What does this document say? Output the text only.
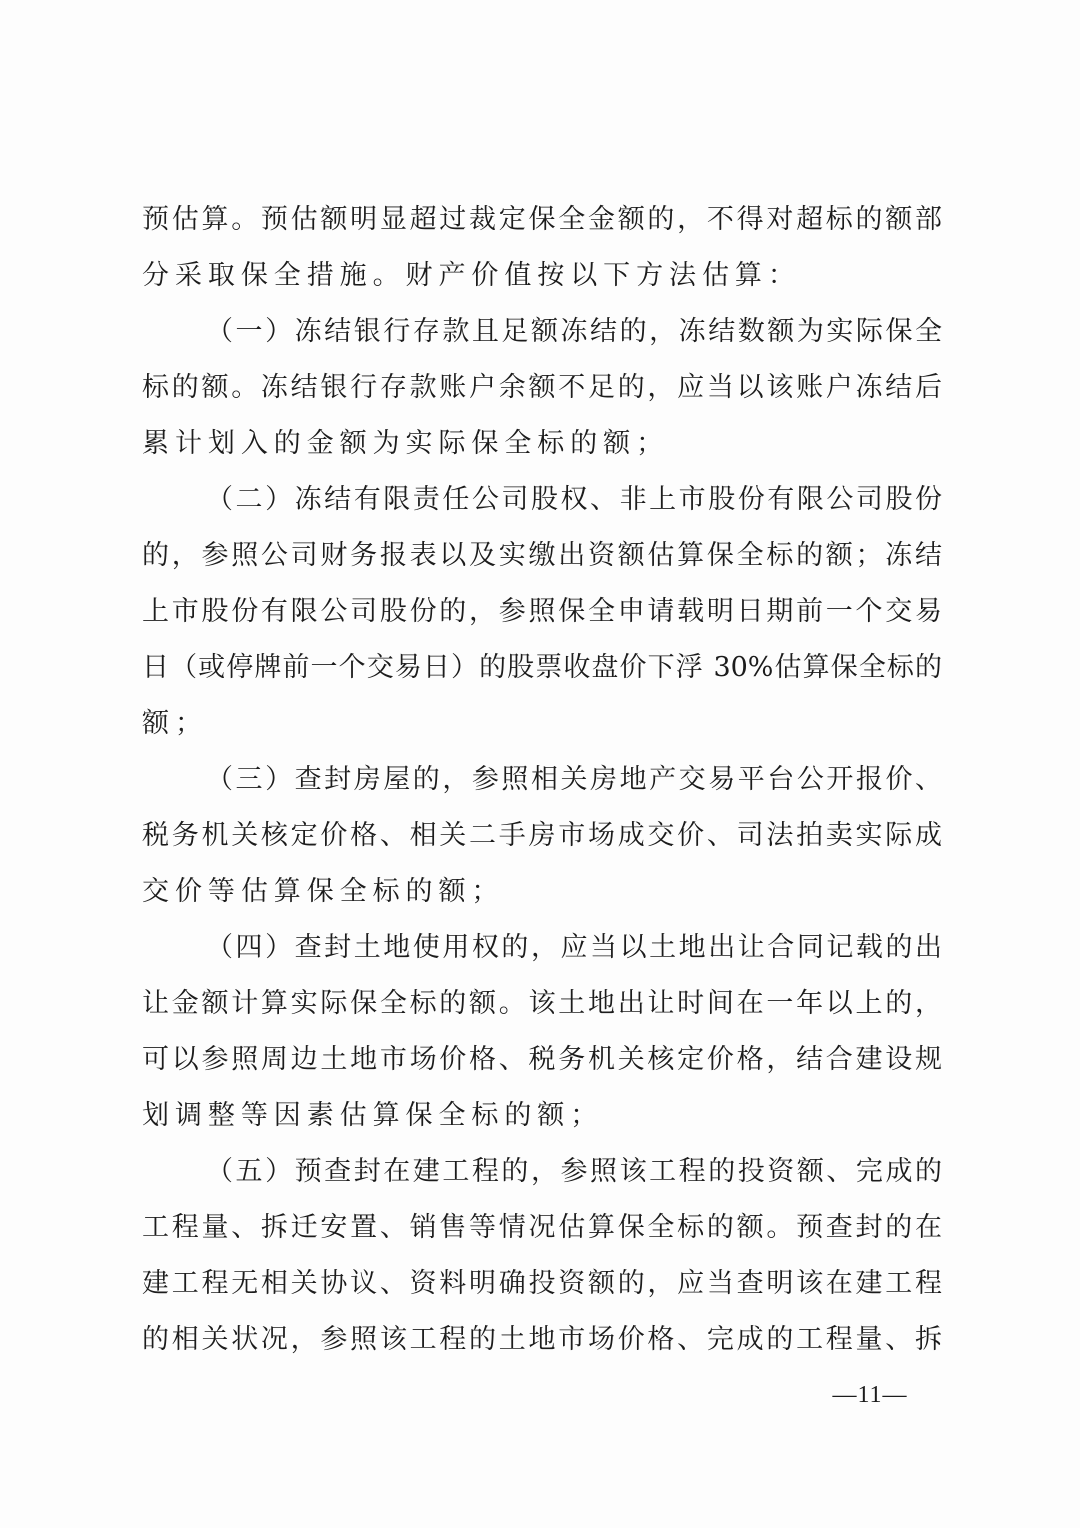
预估算。预估额明显超过裁定保全金额的，不得对超标的额部
分采取保全措施。财产价值按以下方法估算：
（一）冻结银行存款且足额冻结的，冻结数额为实际保全
标的额。冻结银行存款账户余额不足的，应当以该账户冻结后
累计划入的金额为实际保全标的额；
（二）冻结有限责任公司股权、非上市股份有限公司股份
的，参照公司财务报表以及实缴出资额估算保全标的额；冻结
上市股份有限公司股份的，参照保全申请载明日期前一个交易
日（或停牌前一个交易日）的股票收盘价下浮 30%估算保全标的
额；
（三）查封房屋的，参照相关房地产交易平台公开报价、
税务机关核定价格、相关二手房市场成交价、司法拍卖实际成
交价等估算保全标的额；
（四）查封土地使用权的，应当以土地出让合同记载的出
让金额计算实际保全标的额。该土地出让时间在一年以上的，
可以参照周边土地市场价格、税务机关核定价格，结合建设规
划调整等因素估算保全标的额；
（五）预查封在建工程的，参照该工程的投资额、完成的
工程量、拆迁安置、销售等情况估算保全标的额。预查封的在
建工程无相关协议、资料明确投资额的，应当查明该在建工程
的相关状况，参照该工程的土地市场价格、完成的工程量、拆
—11—
